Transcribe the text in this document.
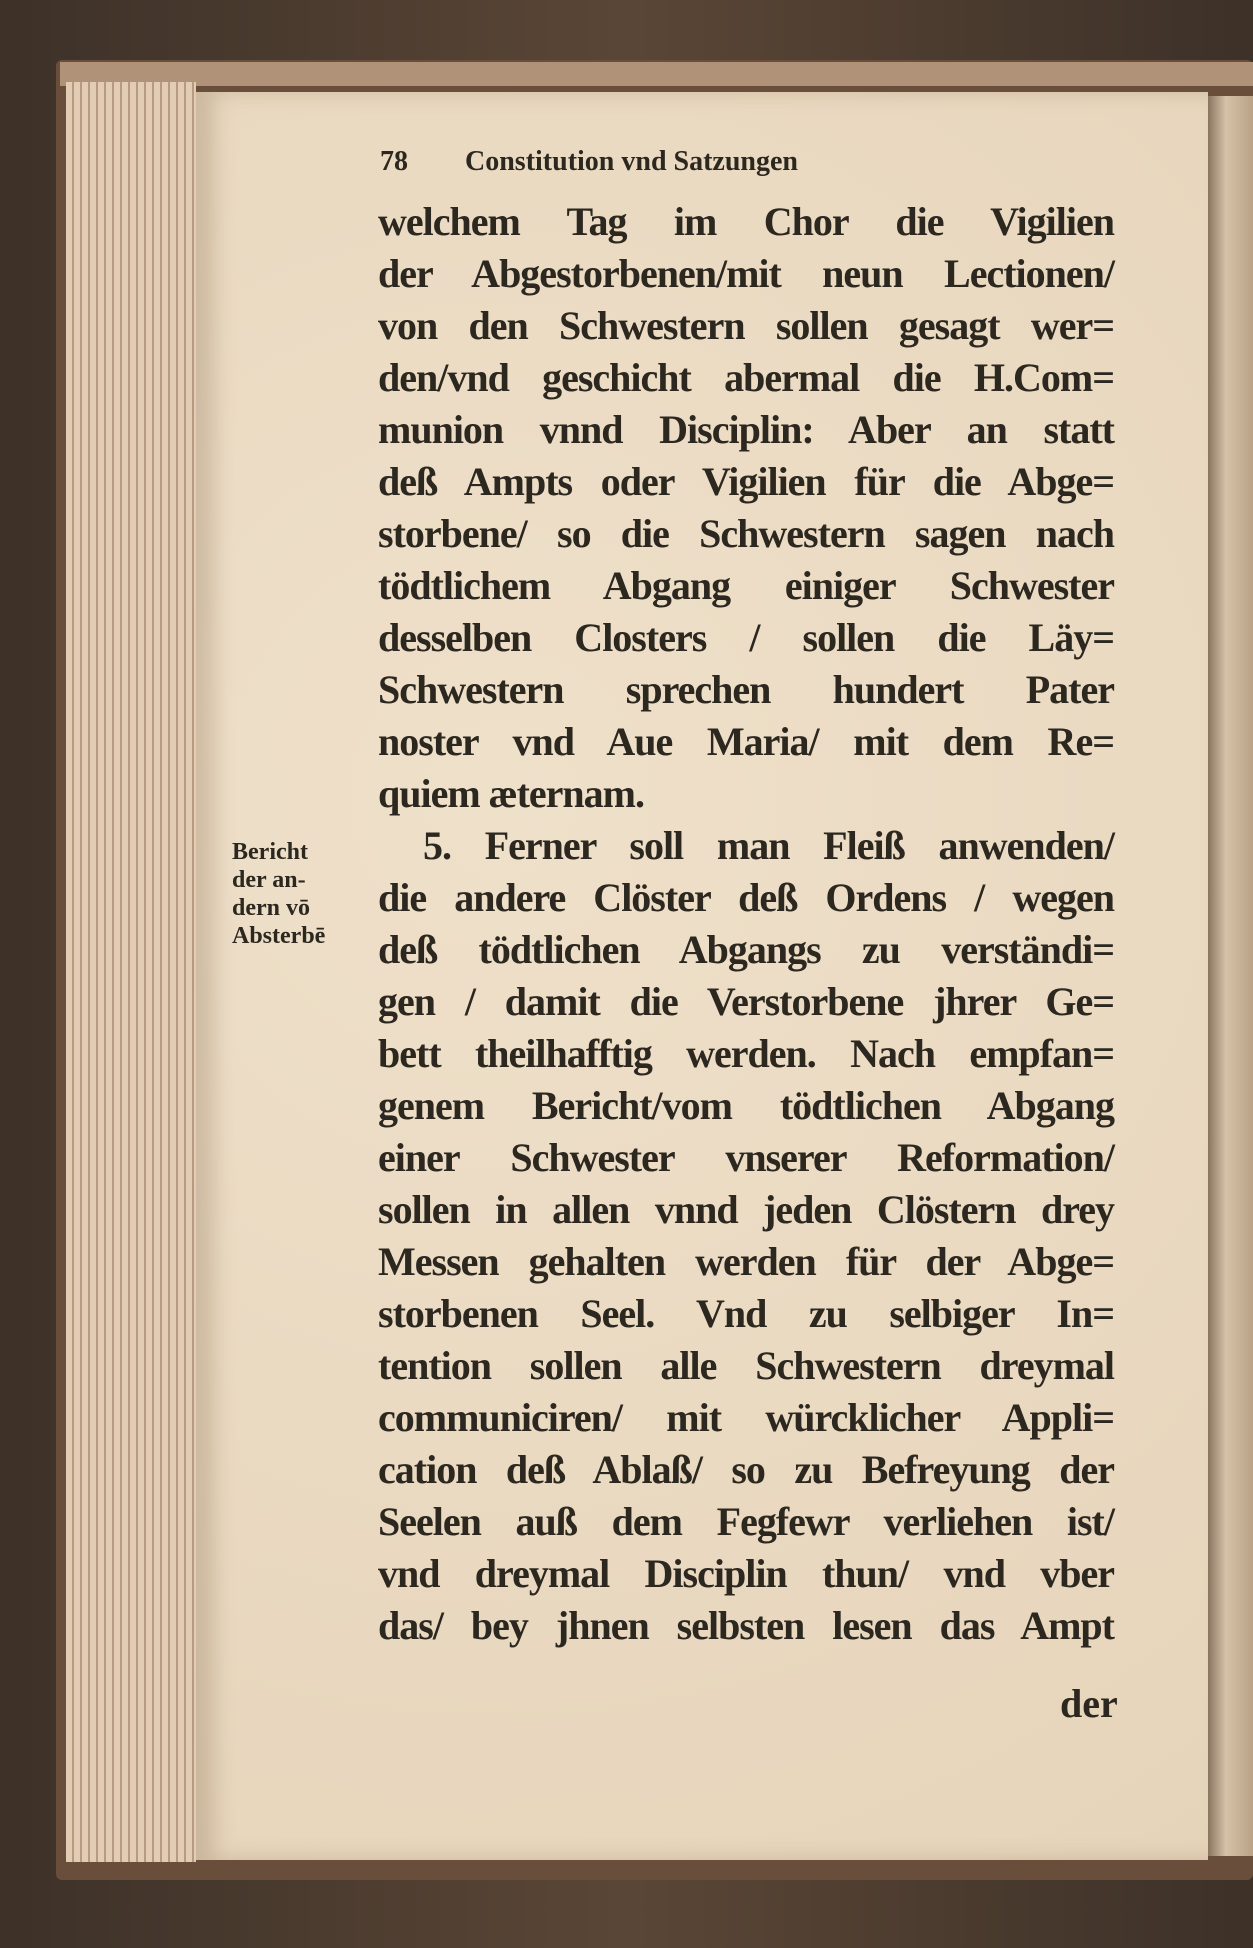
78 Constitution vnd Satzungen
welchem Tag im Chor die Vigilien
der Abgestorbenen/mit neun Lectionen/
von den Schwestern sollen gesagt wer=
den/vnd geschicht abermal die H.Com=
munion vnnd Disciplin: Aber an statt
deß Ampts oder Vigilien für die Abge=
storbene/ so die Schwestern sagen nach
tödtlichem Abgang einiger Schwester
desselben Closters / sollen die Läy=
Schwestern sprechen hundert Pater
noster vnd Aue Maria/ mit dem Re=
quiem æternam.
5. Ferner soll man Fleiß anwenden/
die andere Clöster deß Ordens / wegen
deß tödtlichen Abgangs zu verständi=
gen / damit die Verstorbene jhrer Ge=
bett theilhafftig werden. Nach empfan=
genem Bericht/vom tödtlichen Abgang
einer Schwester vnserer Reformation/
sollen in allen vnnd jeden Clöstern drey
Messen gehalten werden für der Abge=
storbenen Seel. Vnd zu selbiger In=
tention sollen alle Schwestern dreymal
communiciren/ mit würcklicher Appli=
cation deß Ablaß/ so zu Befreyung der
Seelen auß dem Fegfewr verliehen ist/
vnd dreymal Disciplin thun/ vnd vber
das/ bey jhnen selbsten lesen das Ampt
Bericht
der an-
dern vō
Absterbē
der
